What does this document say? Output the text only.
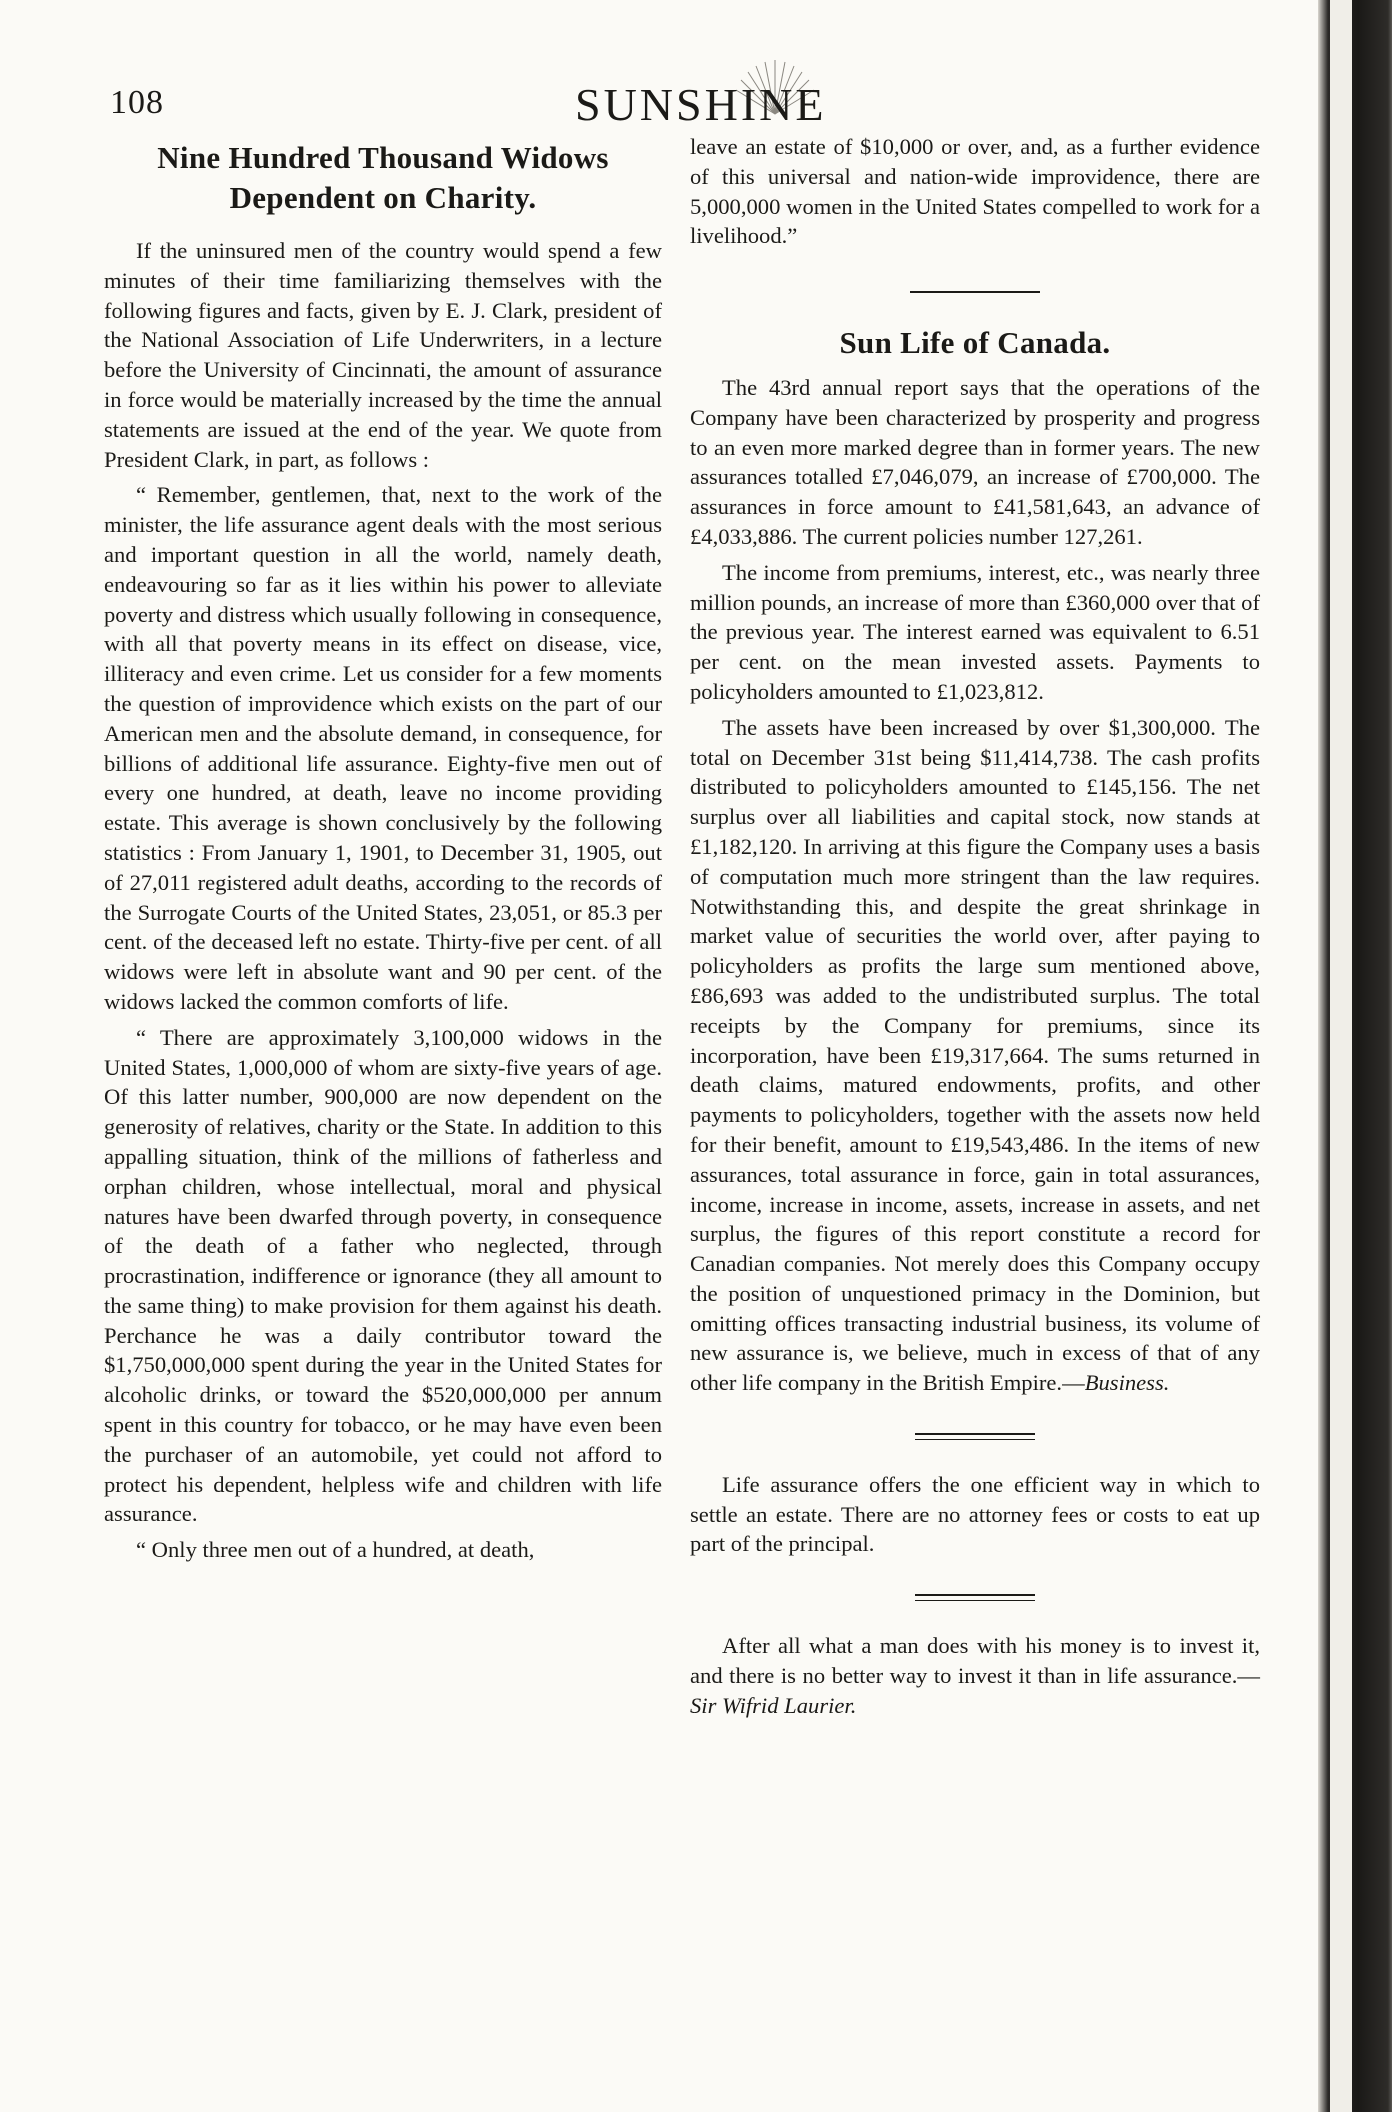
108	SUNSHINE
Nine Hundred Thousand Widows Dependent on Charity.

If the uninsured men of the country would spend a few minutes of their time familiarizing themselves with the following figures and facts, given by E. J. Clark, president of the National Association of Life Underwriters, in a lecture before the University of Cincinnati, the amount of assurance in force would be materially increased by the time the annual statements are issued at the end of the year. We quote from President Clark, in part, as follows :

“ Remember, gentlemen, that, next to the work of the minister, the life assurance agent deals with the most serious and important question in all the world, namely death, endeavouring so far as it lies within his power to alleviate poverty and distress which usually following in consequence, with all that poverty means in its effect on disease, vice, illiteracy and even crime. Let us consider for a few moments the question of improvidence which exists on the part of our American men and the absolute demand, in consequence, for billions of additional life assurance. Eighty-five men out of every one hundred, at death, leave no income providing estate. This average is shown conclusively by the following statistics : From January 1, 1901, to December 31, 1905, out of 27,011 registered adult deaths, according to the records of the Surrogate Courts of the United States, 23,051, or 85.3 per cent. of the deceased left no estate. Thirty-five per cent. of all widows were left in absolute want and 90 per cent. of the widows lacked the common comforts of life.

“ There are approximately 3,100,000 widows in the United States, 1,000,000 of whom are sixty-five years of age. Of this latter number, 900,000 are now dependent on the generosity of relatives, charity or the State. In addition to this appalling situation, think of the millions of fatherless and orphan children, whose intellectual, moral and physical natures have been dwarfed through poverty, in consequence of the death of a father who neglected, through procrastination, indifference or ignorance (they all amount to the same thing) to make provision for them against his death. Perchance he was a daily contributor toward the $1,750,000,000 spent during the year in the United States for alcoholic drinks, or toward the $520,000,000 per annum spent in this country for tobacco, or he may have even been the purchaser of an automobile, yet could not afford to protect his dependent, helpless wife and children with life assurance.

“ Only three men out of a hundred, at death,

leave an estate of $10,000 or over, and, as a further evidence of this universal and nation-wide improvidence, there are 5,000,000 women in the United States compelled to work for a livelihood.”

Sun Life of Canada.

The 43rd annual report says that the operations of the Company have been characterized by prosperity and progress to an even more marked degree than in former years. The new assurances totalled £7,046,079, an increase of £700,000. The assurances in force amount to £41,581,643, an advance of £4,033,886. The current policies number 127,261.

The income from premiums, interest, etc., was nearly three million pounds, an increase of more than £360,000 over that of the previous year. The interest earned was equivalent to 6.51 per cent. on the mean invested assets. Payments to policyholders amounted to £1,023,812.

The assets have been increased by over $1,300,000. The total on December 31st being $11,414,738. The cash profits distributed to policyholders amounted to £145,156. The net surplus over all liabilities and capital stock, now stands at £1,182,120. In arriving at this figure the Company uses a basis of computation much more stringent than the law requires. Notwithstanding this, and despite the great shrinkage in market value of securities the world over, after paying to policyholders as profits the large sum mentioned above, £86,693 was added to the undistributed surplus. The total receipts by the Company for premiums, since its incorporation, have been £19,317,664. The sums returned in death claims, matured endowments, profits, and other payments to policyholders, together with the assets now held for their benefit, amount to £19,543,486. In the items of new assurances, total assurance in force, gain in total assurances, income, increase in income, assets, increase in assets, and net surplus, the figures of this report constitute a record for Canadian companies. Not merely does this Company occupy the position of unquestioned primacy in the Dominion, but omitting offices transacting industrial business, its volume of new assurance is, we believe, much in excess of that of any other life company in the British Empire.—Business.

Life assurance offers the one efficient way in which to settle an estate. There are no attorney fees or costs to eat up part of the principal.

After all what a man does with his money is to invest it, and there is no better way to invest it than in life assurance.—Sir Wifrid Laurier.
